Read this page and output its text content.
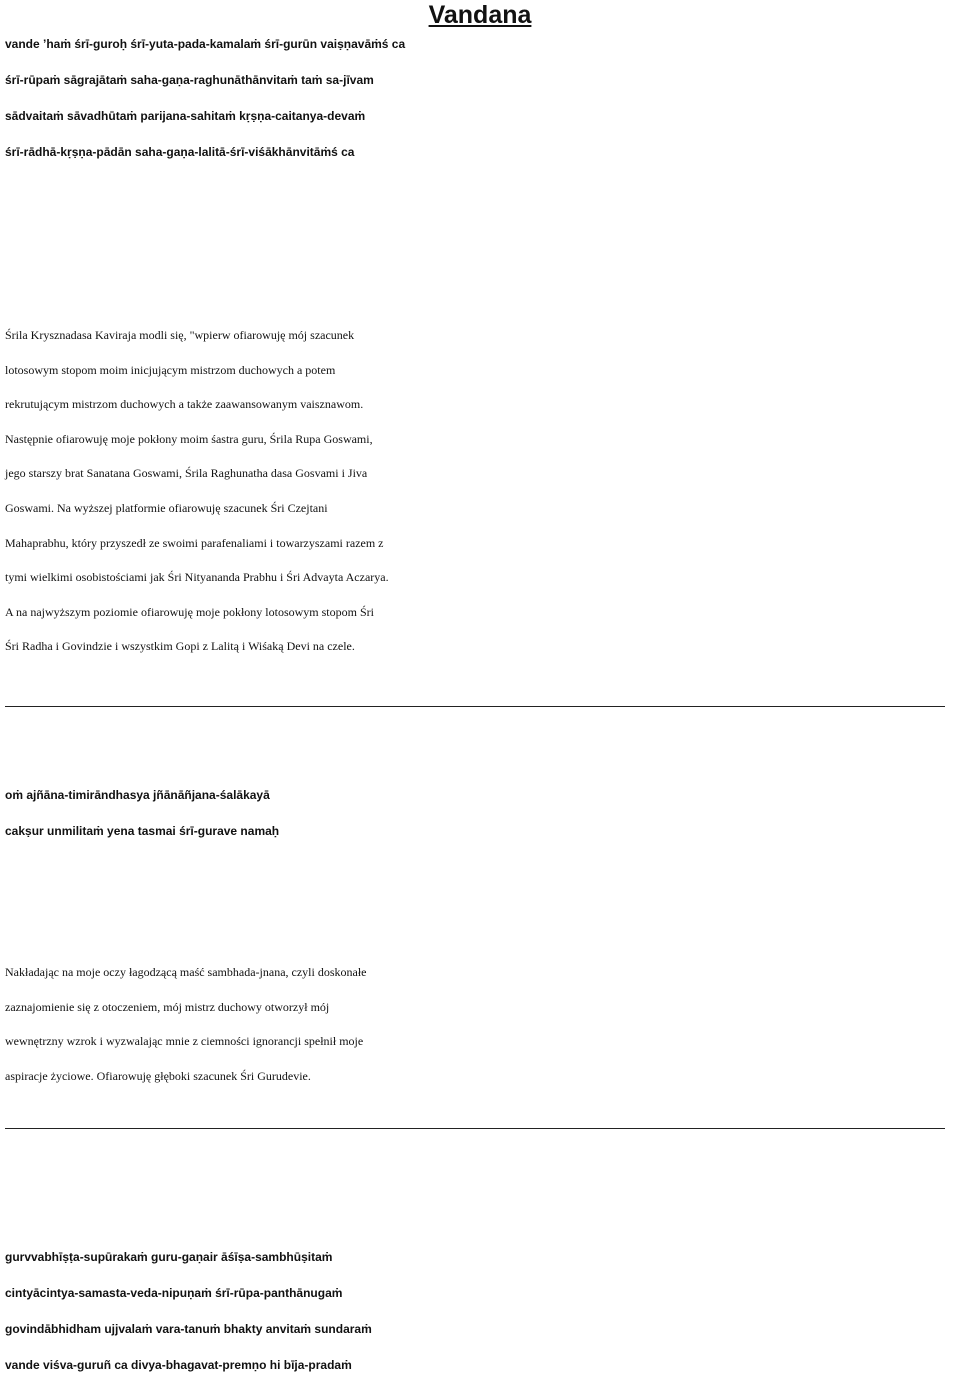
Vandana
vande ’haṁ śrī-guroḥ śrī-yuta-pada-kamalaṁ śrī-gurūn vaiṣṇavāṁś ca
śrī-rūpaṁ sāgrajātaṁ saha-gaṇa-raghunāthānvitaṁ taṁ sa-jīvam
sādvaitaṁ sāvadhūtaṁ parijana-sahitaṁ kṛṣṇa-caitanya-devaṁ
śrī-rādhā-kṛṣṇa-pādān saha-gaṇa-lalitā-śrī-viśākhānvitāṁś ca
Śrila Krysznadasa Kaviraja modli się, "wpierw ofiarowuję mój szacunek
lotosowym stopom moim inicjującym mistrzom duchowych a potem
rekrutującym mistrzom duchowych a także zaawansowanym vaisznawom.
Następnie ofiarowuję moje pokłony moim śastra guru, Śrila Rupa Goswami,
jego starszy brat Sanatana Goswami, Śrila Raghunatha dasa Gosvami i Jiva
Goswami. Na wyższej platformie ofiarowuję szacunek Śri Czejtani
Mahaprabhu, który przyszedł ze swoimi parafenaliami i towarzyszami razem z
tymi wielkimi osobistościami jak Śri Nityananda Prabhu i Śri Advayta Aczarya.
A na najwyższym poziomie ofiarowuję moje pokłony lotosowym stopom Śri
Śri Radha i Govindzie i wszystkim Gopi z Lalitą i Wiśaką Devi na czele.
oṁ ajñāna-timirāndhasya jñānāñjana-śalākayā
cakṣur unmilitaṁ yena tasmai śrī-gurave namaḥ
Nakładając na moje oczy łagodzącą maść sambhada-jnana, czyli doskonałe
zaznajomienie się z otoczeniem, mój mistrz duchowy otworzył mój
wewnętrzny wzrok i wyzwalając mnie z ciemności ignorancji spełnił moje
aspiracje życiowe. Ofiarowuję głęboki szacunek Śri Gurudevie.
gurvvabhīṣṭa-supūrakaṁ guru-gaṇair āśīṣa-sambhūṣitaṁ
cintyācintya-samasta-veda-nipuṇaṁ śrī-rūpa-panthānugaṁ
govindābhidham ujjvalaṁ vara-tanuṁ bhakty anvitaṁ sundaraṁ
vande viśva-guruñ ca divya-bhagavat-premṇo hi bīja-pradaṁ
